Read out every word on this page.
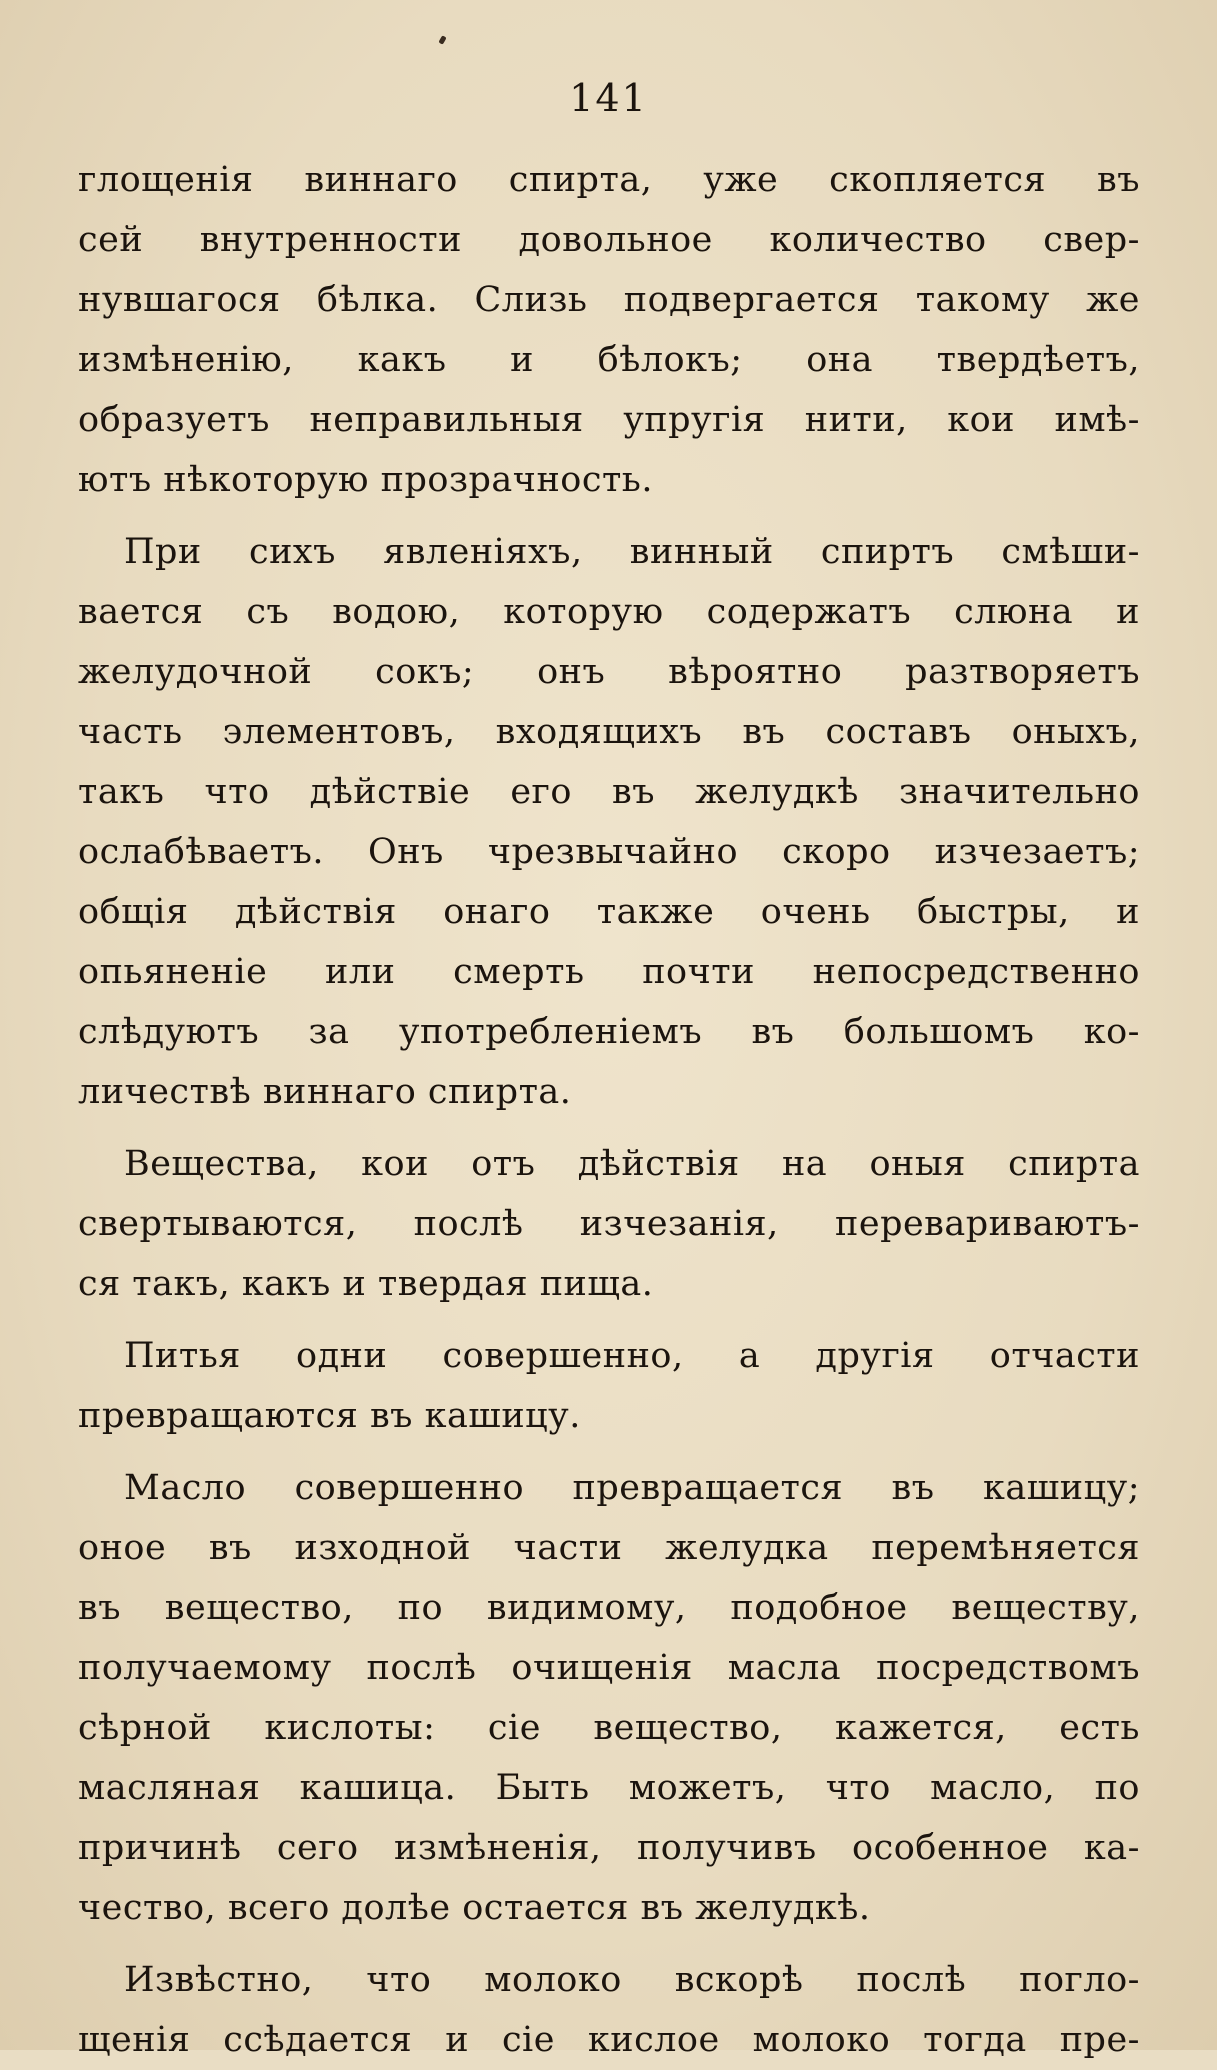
141
глощенія виннаго спирта, уже скопляется въ
сей внутренности довольное количество свер-
нувшагося бѣлка. Слизь подвергается такому же
измѣненію, какъ и бѣлокъ; она твердѣетъ,
образуетъ неправильныя упругія нити, кои имѣ-
ютъ нѣкоторую прозрачность.
При сихъ явленіяхъ, винный спиртъ смѣши-
вается съ водою, которую содержатъ слюна и
желудочной сокъ; онъ вѣроятно разтворяетъ
часть элементовъ, входящихъ въ составъ оныхъ,
такъ что дѣйствіе его въ желудкѣ значительно
ослабѣваетъ. Онъ чрезвычайно скоро изчезаетъ;
общія дѣйствія онаго также очень быстры, и
опьяненіе или смерть почти непосредственно
слѣдуютъ за употребленіемъ въ большомъ ко-
личествѣ виннаго спирта.
Вещества, кои отъ дѣйствія на оныя спирта
свертываются, послѣ изчезанія, перевариваютъ-
ся такъ, какъ и твердая пища.
Питья одни совершенно, а другія отчасти
превращаются въ кашицу.
Масло совершенно превращается въ кашицу;
оное въ изходной части желудка перемѣняется
въ вещество, по видимому, подобное веществу,
получаемому послѣ очищенія масла посредствомъ
сѣрной кислоты: сіе вещество, кажется, есть
масляная кашица. Быть можетъ, что масло, по
причинѣ сего измѣненія, получивъ особенное ка-
чество, всего долѣе остается въ желудкѣ.
Извѣстно, что молоко вскорѣ послѣ погло-
щенія ссѣдается и сіе кислое молоко тогда пре-
